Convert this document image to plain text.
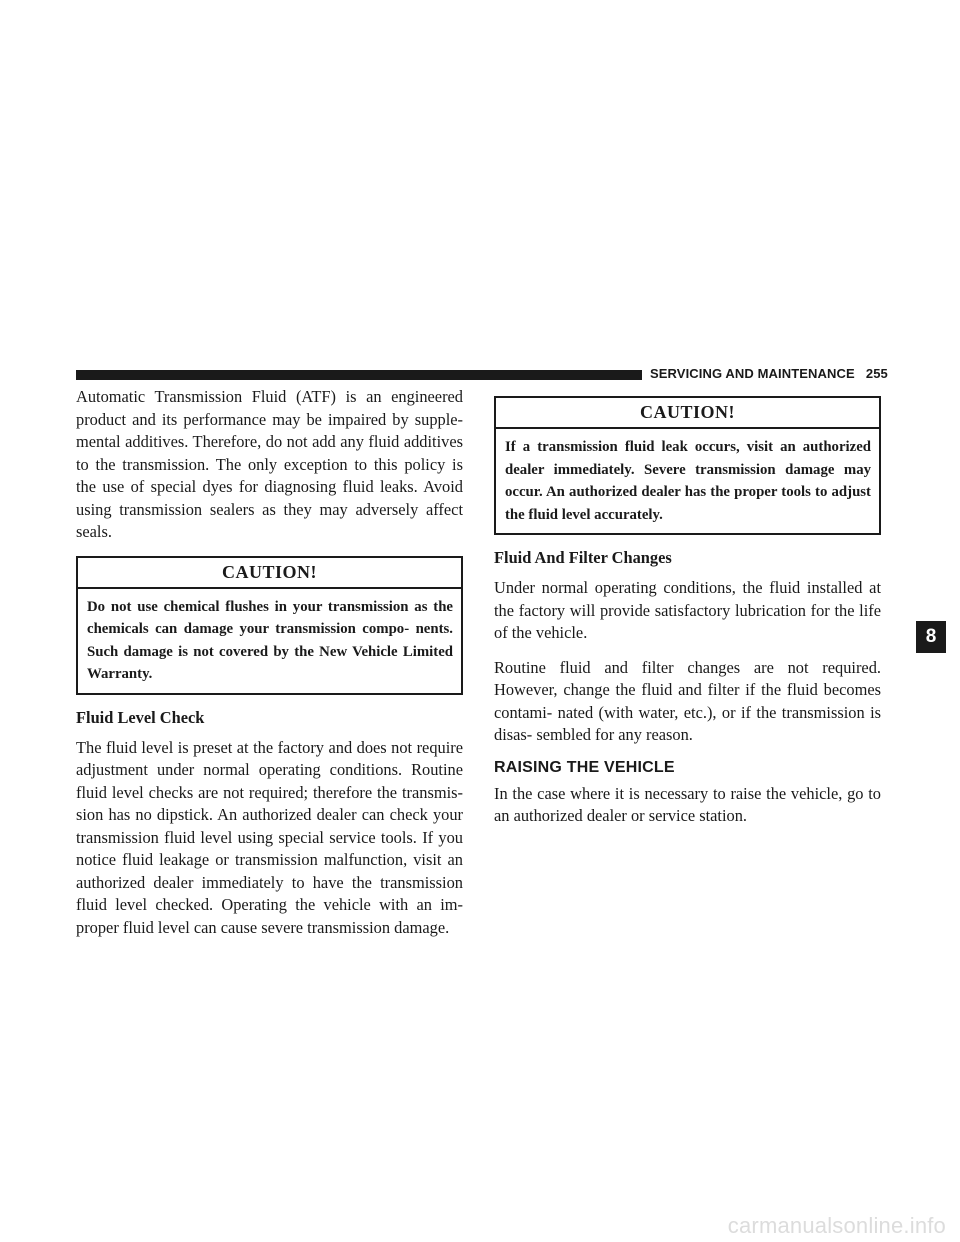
SERVICING AND MAINTENANCE 255

Automatic Transmission Fluid (ATF) is an engineered product and its performance may be impaired by supple- mental additives. Therefore, do not add any fluid additives to the transmission. The only exception to this policy is the use of special dyes for diagnosing fluid leaks. Avoid using transmission sealers as they may adversely affect seals.

CAUTION!
Do not use chemical flushes in your transmission as the chemicals can damage your transmission compo- nents. Such damage is not covered by the New Vehicle Limited Warranty.
Fluid Level Check

The fluid level is preset at the factory and does not require adjustment under normal operating conditions. Routine fluid level checks are not required; therefore the transmis- sion has no dipstick. An authorized dealer can check your transmission fluid level using special service tools. If you notice fluid leakage or transmission malfunction, visit an authorized dealer immediately to have the transmission fluid level checked. Operating the vehicle with an im- proper fluid level can cause severe transmission damage.

CAUTION!
If a transmission fluid leak occurs, visit an authorized dealer immediately. Severe transmission damage may occur. An authorized dealer has the proper tools to adjust the fluid level accurately.
Fluid And Filter Changes

Under normal operating conditions, the fluid installed at the factory will provide satisfactory lubrication for the life of the vehicle.

Routine fluid and filter changes are not required. However, change the fluid and filter if the fluid becomes contami- nated (with water, etc.), or if the transmission is disas- sembled for any reason.

RAISING THE VEHICLE

In the case where it is necessary to raise the vehicle, go to an authorized dealer or service station.

8
carmanualsonline.info
